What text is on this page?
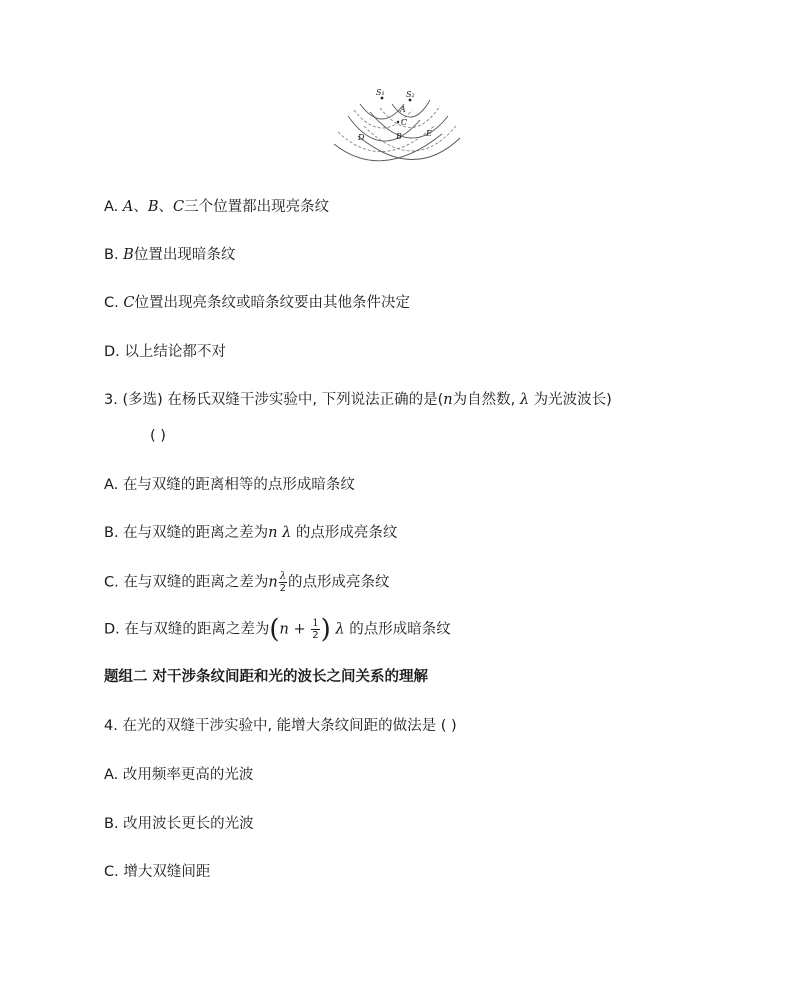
S₁	S₂
A
C
D	B	E
A. A、B、C三个位置都出现亮条纹
B. B位置出现暗条纹
C. C位置出现亮条纹或暗条纹要由其他条件决定
D. 以上结论都不对
3. (多选) 在杨氏双缝干涉实验中, 下列说法正确的是(n为自然数, λ 为光波波长)
( )
A. 在与双缝的距离相等的点形成暗条纹
B. 在与双缝的距离之差为n λ 的点形成亮条纹
C. 在与双缝的距离之差为n $\frac{\lambda}{2}$ 的点形成亮条纹
D. 在与双缝的距离之差为($n + \frac{1}{2}$ ) λ 的点形成暗条纹
题组二 对干涉条纹间距和光的波长之间关系的理解
4. 在光的双缝干涉实验中, 能增大条纹间距的做法是 ( )
A. 改用频率更高的光波
B. 改用波长更长的光波
C. 增大双缝间距
